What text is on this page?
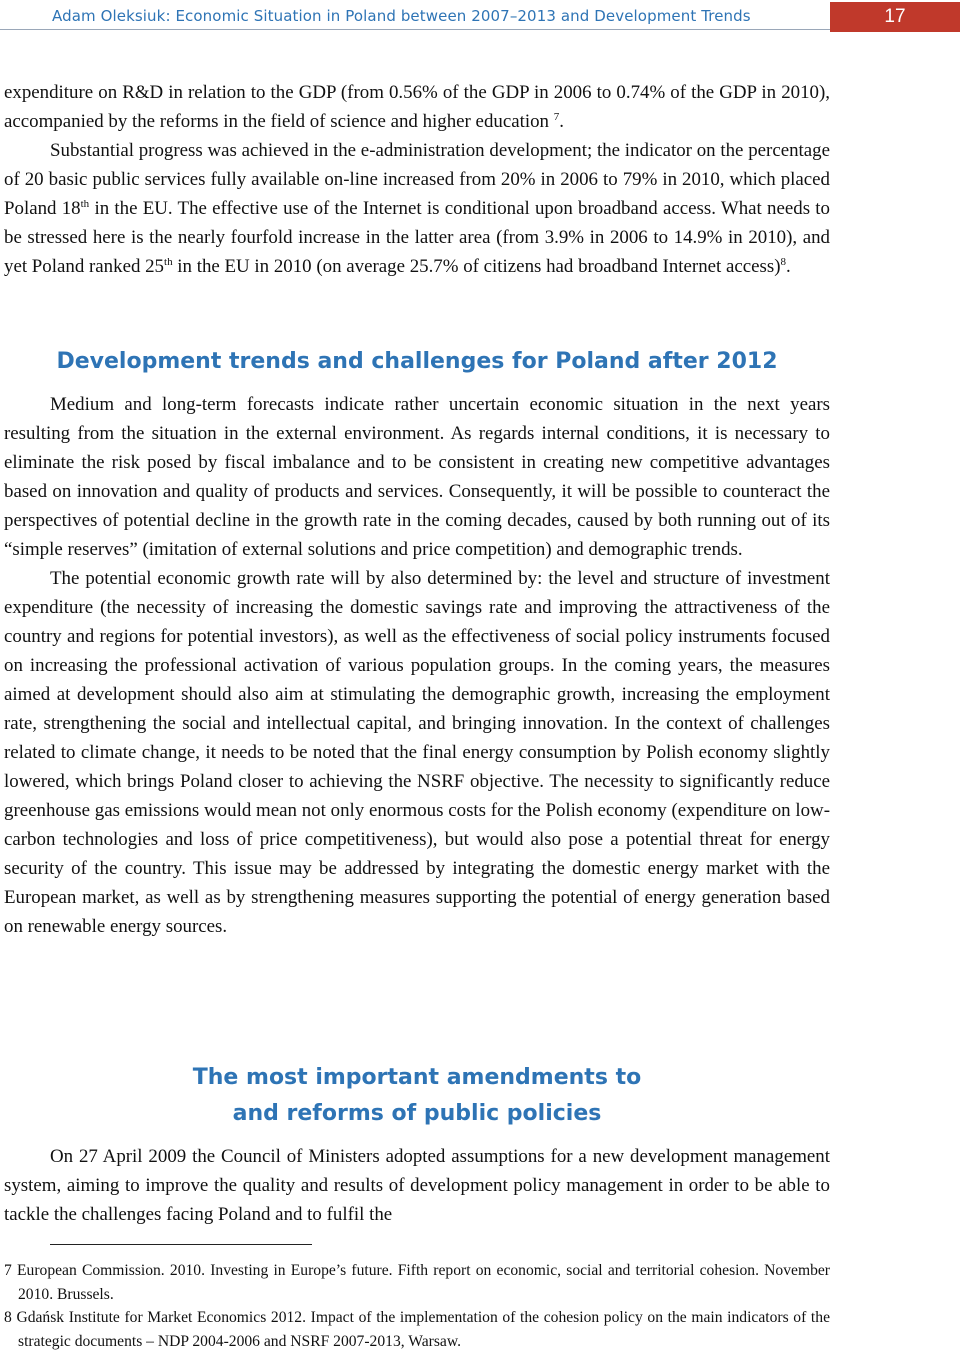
Adam Oleksiuk: Economic Situation in Poland between 2007–2013 and Development Trends	17

expenditure on R&D in relation to the GDP (from 0.56% of the GDP in 2006 to 0.74% of the GDP in 2010), accompanied by the reforms in the field of science and higher education $^7$.

Substantial progress was achieved in the e-administration development; the indicator on the percentage of 20 basic public services fully available on-line increased from 20% in 2006 to 79% in 2010, which placed Poland 18th in the EU. The effective use of the Internet is conditional upon broadband access. What needs to be stressed here is the nearly fourfold increase in the latter area (from 3.9% in 2006 to 14.9% in 2010), and yet Poland ranked 25th in the EU in 2010 (on average 25.7% of citizens had broadband Internet access)$^8$.

Development trends and challenges for Poland after 2012

Medium and long-term forecasts indicate rather uncertain economic situation in the next years resulting from the situation in the external environment. As regards internal conditions, it is necessary to eliminate the risk posed by fiscal imbalance and to be consistent in creating new competitive advantages based on innovation and quality of products and services. Consequently, it will be possible to counteract the perspectives of potential decline in the growth rate in the coming decades, caused by both running out of its “simple reserves” (imitation of external solutions and price competition) and demographic trends.

The potential economic growth rate will by also determined by: the level and structure of investment expenditure (the necessity of increasing the domestic savings rate and improving the attractiveness of the country and regions for potential investors), as well as the effectiveness of social policy instruments focused on increasing the professional activation of various population groups. In the coming years, the measures aimed at development should also aim at stimulating the demographic growth, increasing the employment rate, strengthening the social and intellectual capital, and bringing innovation. In the context of challenges related to climate change, it needs to be noted that the final energy consumption by Polish economy slightly lowered, which brings Poland closer to achieving the NSRF objective. The necessity to significantly reduce greenhouse gas emissions would mean not only enormous costs for the Polish economy (expenditure on low-carbon technologies and loss of price competitiveness), but would also pose a potential threat for energy security of the country. This issue may be addressed by integrating the domestic energy market with the European market, as well as by strengthening measures supporting the potential of energy generation based on renewable energy sources.

The most important amendments to
and reforms of public policies

On 27 April 2009 the Council of Ministers adopted assumptions for a new development management system, aiming to improve the quality and results of development policy management in order to be able to tackle the challenges facing Poland and to fulfil the

7 European Commission. 2010. Investing in Europe’s future. Fifth report on economic, social and territorial cohesion. November 2010. Brussels.

8 Gdańsk Institute for Market Economics 2012. Impact of the implementation of the cohesion policy on the main indicators of the strategic documents – NDP 2004-2006 and NSRF 2007-2013, Warsaw.
